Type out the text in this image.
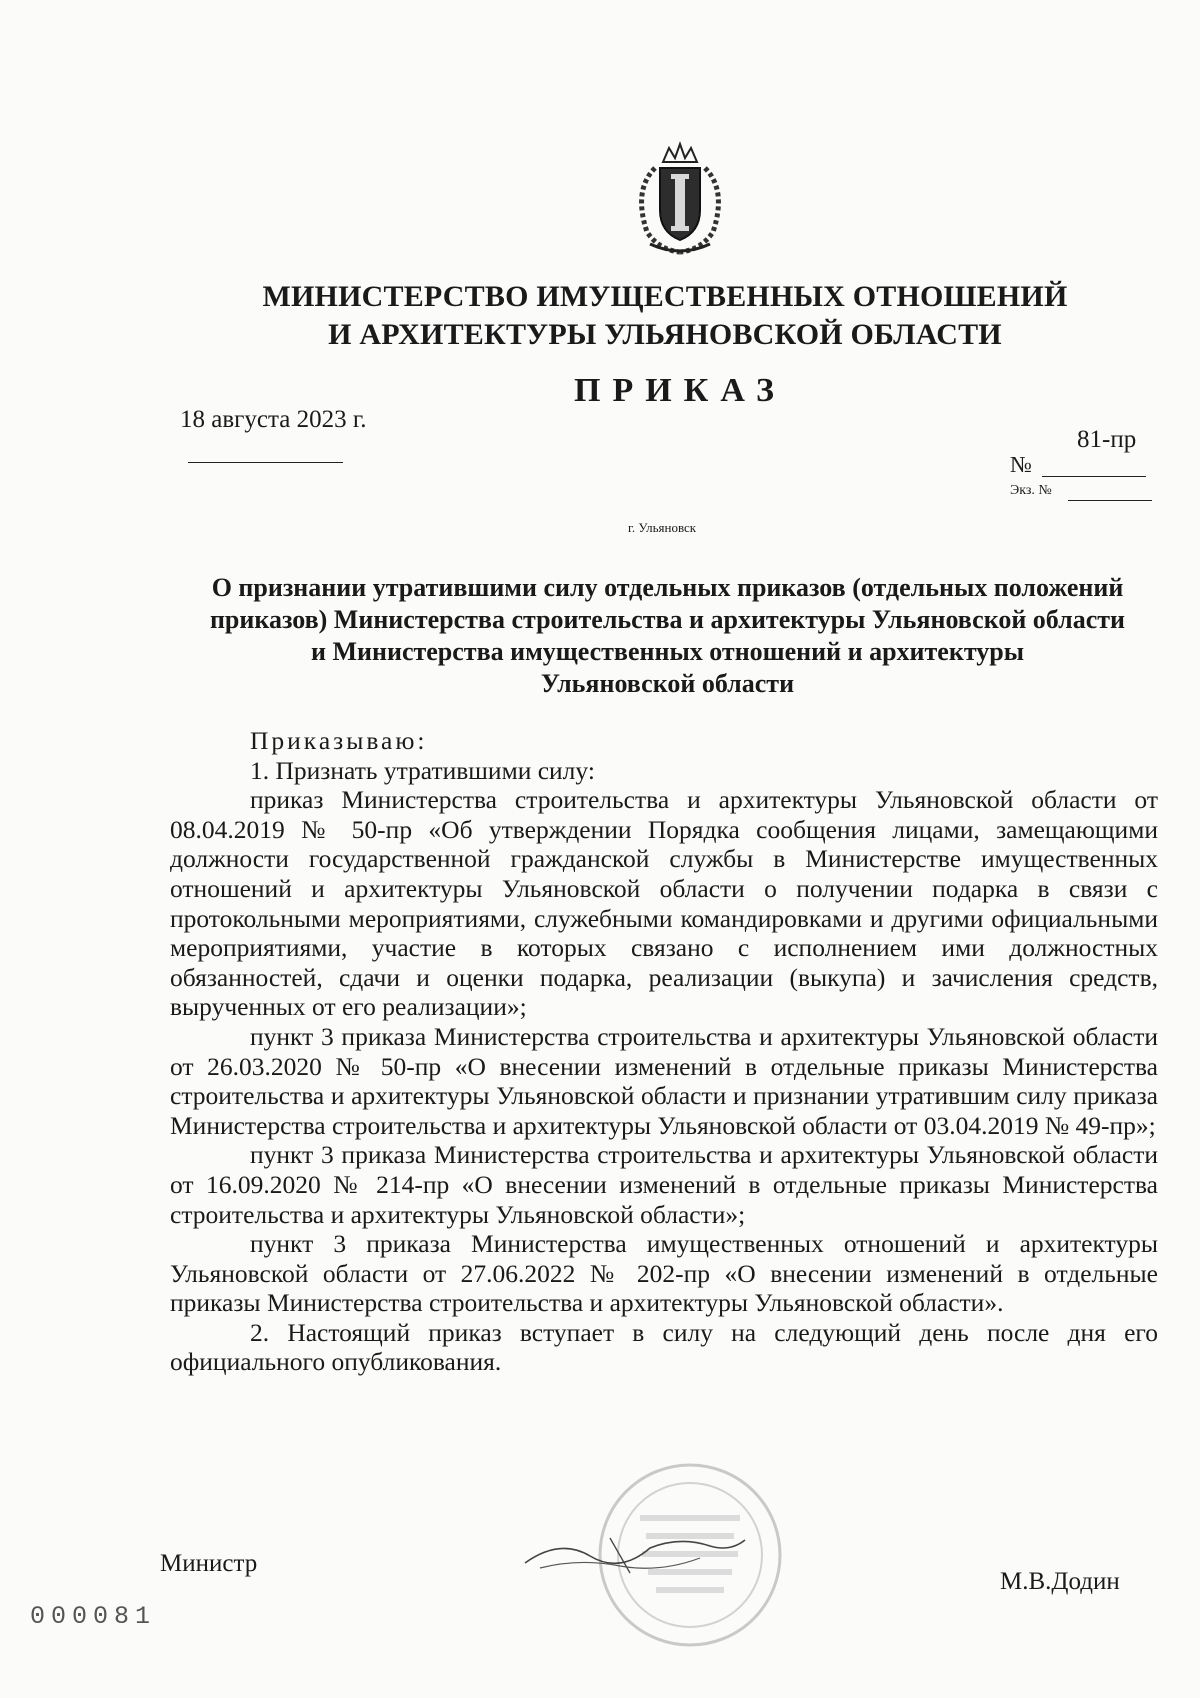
МИНИСТЕРСТВО ИМУЩЕСТВЕННЫХ ОТНОШЕНИЙ
И АРХИТЕКТУРЫ УЛЬЯНОВСКОЙ ОБЛАСТИ
ПРИКАЗ
18 августа 2023 г.
81-пр
№
Экз. №
г. Ульяновск
О признании утратившими силу отдельных приказов (отдельных положений
приказов) Министерства строительства и архитектуры Ульяновской области
и Министерства имущественных отношений и архитектуры
Ульяновской области

Приказываю:

1. Признать утратившими силу:

приказ Министерства строительства и архитектуры Ульяновской области от 08.04.2019 № 50-пр «Об утверждении Порядка сообщения лицами, замещающими должности государственной гражданской службы в Министерстве имущественных отношений и архитектуры Ульяновской области о получении подарка в связи с протокольными мероприятиями, служебными командировками и другими официальными мероприятиями, участие в которых связано с исполнением ими должностных обязанностей, сдачи и оценки подарка, реализации (выкупа) и зачисления средств, вырученных от его реализации»;

пункт 3 приказа Министерства строительства и архитектуры Ульяновской области от 26.03.2020 № 50-пр «О внесении изменений в отдельные приказы Министерства строительства и архитектуры Ульяновской области и признании утратившим силу приказа Министерства строительства и архитектуры Ульяновской области от 03.04.2019 № 49-пр»;

пункт 3 приказа Министерства строительства и архитектуры Ульяновской области от 16.09.2020 № 214-пр «О внесении изменений в отдельные приказы Министерства строительства и архитектуры Ульяновской области»;

пункт 3 приказа Министерства имущественных отношений и архитектуры Ульяновской области от 27.06.2022 № 202-пр «О внесении изменений в отдельные приказы Министерства строительства и архитектуры Ульяновской области».

2. Настоящий приказ вступает в силу на следующий день после дня его официального опубликования.

Министр
М.В.Додин
000081
